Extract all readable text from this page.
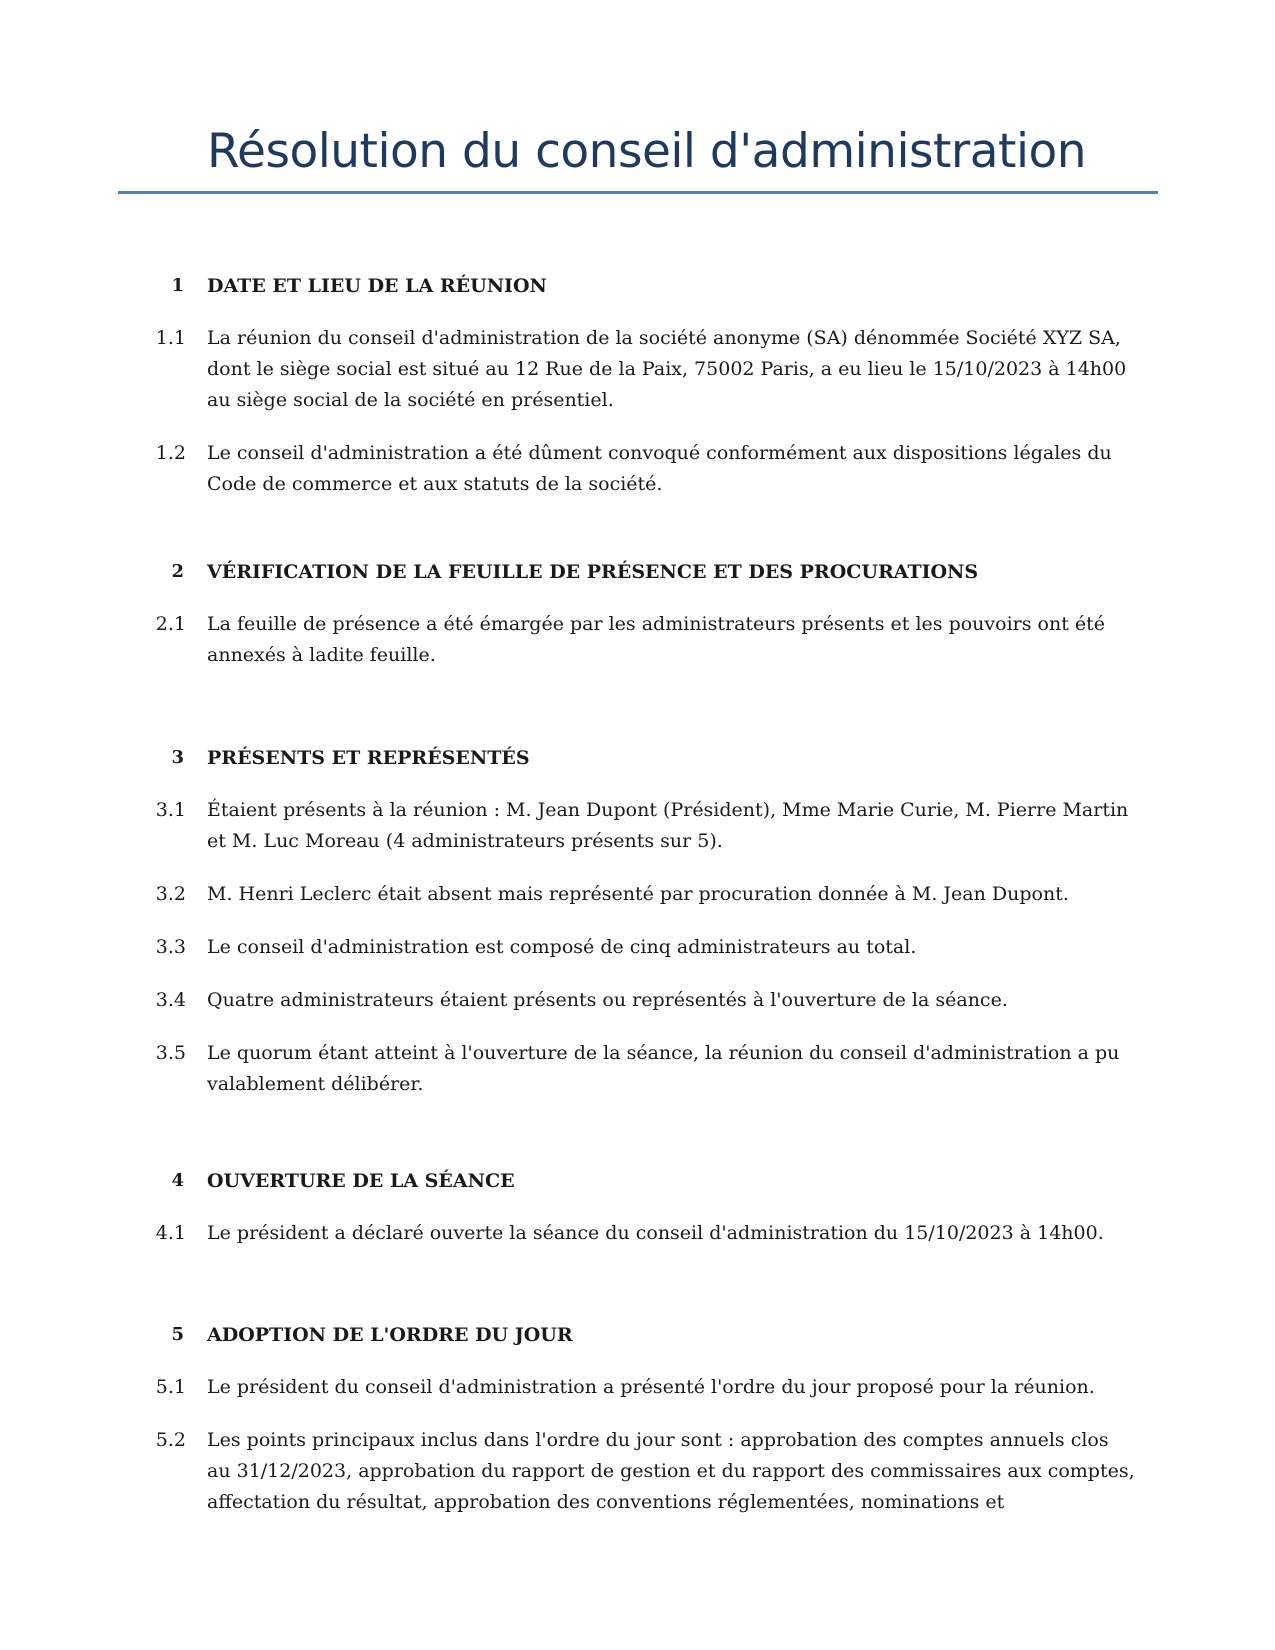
Résolution du conseil d'administration
1 DATE ET LIEU DE LA RÉUNION
1.1 La réunion du conseil d'administration de la société anonyme (SA) dénommée Société XYZ SA, dont le siège social est situé au 12 Rue de la Paix, 75002 Paris, a eu lieu le 15/10/2023 à 14h00 au siège social de la société en présentiel.
1.2 Le conseil d'administration a été dûment convoqué conformément aux dispositions légales du Code de commerce et aux statuts de la société.
2 VÉRIFICATION DE LA FEUILLE DE PRÉSENCE ET DES PROCURATIONS
2.1 La feuille de présence a été émargée par les administrateurs présents et les pouvoirs ont été annexés à ladite feuille.
3 PRÉSENTS ET REPRÉSENTÉS
3.1 Étaient présents à la réunion : M. Jean Dupont (Président), Mme Marie Curie, M. Pierre Martin et M. Luc Moreau (4 administrateurs présents sur 5).
3.2 M. Henri Leclerc était absent mais représenté par procuration donnée à M. Jean Dupont.
3.3 Le conseil d'administration est composé de cinq administrateurs au total.
3.4 Quatre administrateurs étaient présents ou représentés à l'ouverture de la séance.
3.5 Le quorum étant atteint à l'ouverture de la séance, la réunion du conseil d'administration a pu valablement délibérer.
4 OUVERTURE DE LA SÉANCE
4.1 Le président a déclaré ouverte la séance du conseil d'administration du 15/10/2023 à 14h00.
5 ADOPTION DE L'ORDRE DU JOUR
5.1 Le président du conseil d'administration a présenté l'ordre du jour proposé pour la réunion.
5.2 Les points principaux inclus dans l'ordre du jour sont : approbation des comptes annuels clos au 31/12/2023, approbation du rapport de gestion et du rapport des commissaires aux comptes, affectation du résultat, approbation des conventions réglementées, nominations et
